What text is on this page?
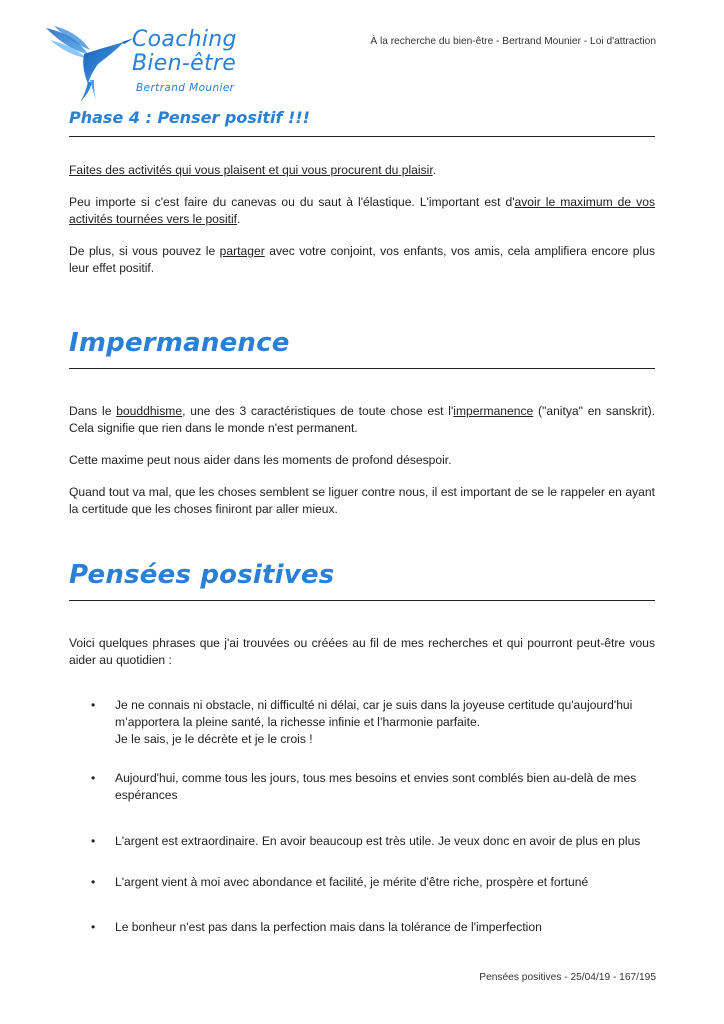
Coaching
Bien-être
Bertrand Mounier
À la recherche du bien-être - Bertrand Mounier - Loi d'attraction
Phase 4 : Penser positif !!!

Faites des activités qui vous plaisent et qui vous procurent du plaisir.

Peu importe si c'est faire du canevas ou du saut à l'élastique. L'important est d'avoir le maximum de vos activités tournées vers le positif.

De plus, si vous pouvez le partager avec votre conjoint, vos enfants, vos amis, cela amplifiera encore plus leur effet positif.

Impermanence

Dans le bouddhisme, une des 3 caractéristiques de toute chose est l'impermanence ("anitya" en sanskrit). Cela signifie que rien dans le monde n'est permanent.

Cette maxime peut nous aider dans les moments de profond désespoir.

Quand tout va mal, que les choses semblent se liguer contre nous, il est important de se le rappeler en ayant la certitude que les choses finiront par aller mieux.

Pensées positives

Voici quelques phrases que j'ai trouvées ou créées au fil de mes recherches et qui pourront peut-être vous aider au quotidien :

• Je ne connais ni obstacle, ni difficulté ni délai, car je suis dans la joyeuse certitude qu'aujourd'hui m’apportera la pleine santé, la richesse infinie et l’harmonie parfaite.
Je le sais, je le décrète et je le crois !
• Aujourd'hui, comme tous les jours, tous mes besoins et envies sont comblés bien au-delà de mes espérances
• L'argent est extraordinaire. En avoir beaucoup est très utile. Je veux donc en avoir de plus en plus
• L'argent vient à moi avec abondance et facilité, je mérite d'être riche, prospère et fortuné
• Le bonheur n'est pas dans la perfection mais dans la tolérance de l'imperfection
Pensées positives - 25/04/19 - 167/195
